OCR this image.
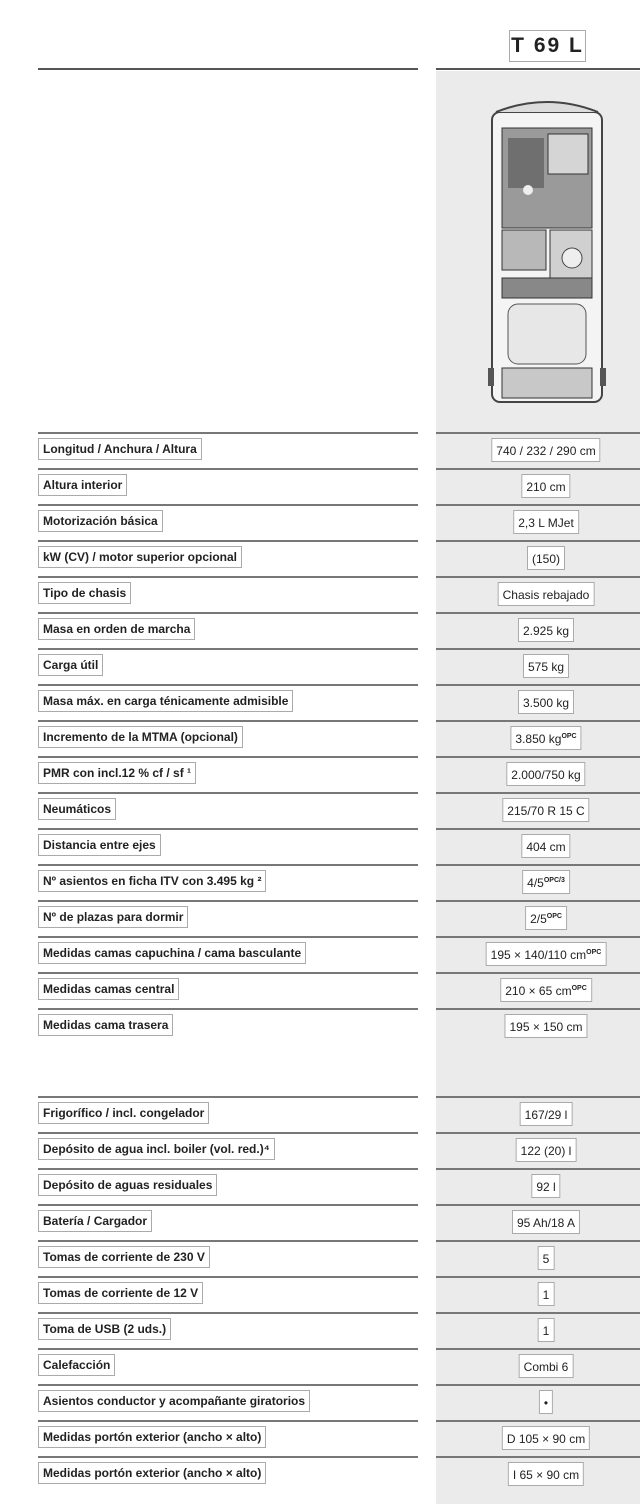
T 69 L
Longitud / Anchura / Altura	740 / 232 / 290 cm
Altura interior	210 cm
Motorización básica	2,3 L MJet
kW (CV) / motor superior opcional	(150)
Tipo de chasis	Chasis rebajado
Masa en orden de marcha	2.925 kg
Carga útil	575 kg
Masa máx. en carga ténicamente admisible	3.500 kg
Incremento de la MTMA (opcional)	3.850 $kg^{OPC}$
PMR con incl.12 % cf / sf ¹	2.000/750 kg
Neumáticos	215/70 R 15 C
Distancia entre ejes	404 cm
Nº asientos en ficha ITV con 3.495 kg ²	$4/5^{OPC/3}$
Nº de plazas para dormir	$2/5^{OPC}$
Medidas camas capuchina / cama basculante	195 × 140/110 $cm^{OPC}$
Medidas camas central	210 × 65 $cm^{OPC}$
Medidas cama trasera	195 × 150 cm
Frigorífico / incl. congelador	167/29 l
Depósito de agua incl. boiler (vol. red.)⁴	122 (20) l
Depósito de aguas residuales	92 l
Batería / Cargador	95 Ah/18 A
Tomas de corriente de 230 V	5
Tomas de corriente de 12 V	1
Toma de USB (2 uds.)	1
Calefacción	Combi 6
Asientos conductor y acompañante giratorios	•
Medidas portón exterior (ancho × alto)	D 105 × 90 cm
Medidas portón exterior (ancho × alto)	I 65 × 90 cm
